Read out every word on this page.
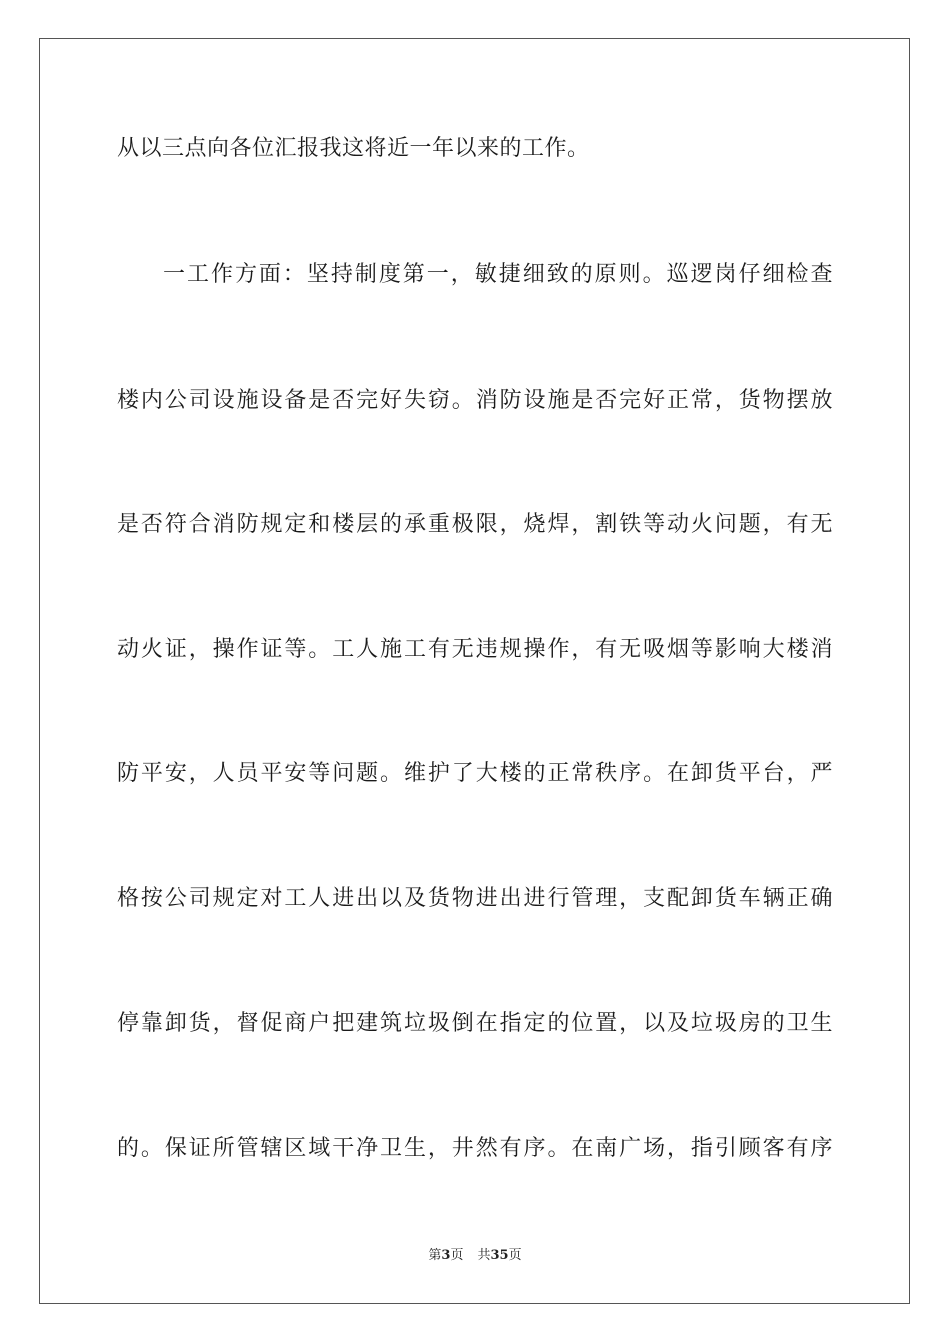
从以三点向各位汇报我这将近一年以来的工作。
一工作方面：坚持制度第一，敏捷细致的原则。巡逻岗仔细检查
楼内公司设施设备是否完好失窃。消防设施是否完好正常，货物摆放
是否符合消防规定和楼层的承重极限，烧焊，割铁等动火问题，有无
动火证，操作证等。工人施工有无违规操作，有无吸烟等影响大楼消
防平安，人员平安等问题。维护了大楼的正常秩序。在卸货平台，严
格按公司规定对工人进出以及货物进出进行管理，支配卸货车辆正确
停靠卸货，督促商户把建筑垃圾倒在指定的位置，以及垃圾房的卫生
的。保证所管辖区域干净卫生，井然有序。在南广场，指引顾客有序
第3页 共35页
